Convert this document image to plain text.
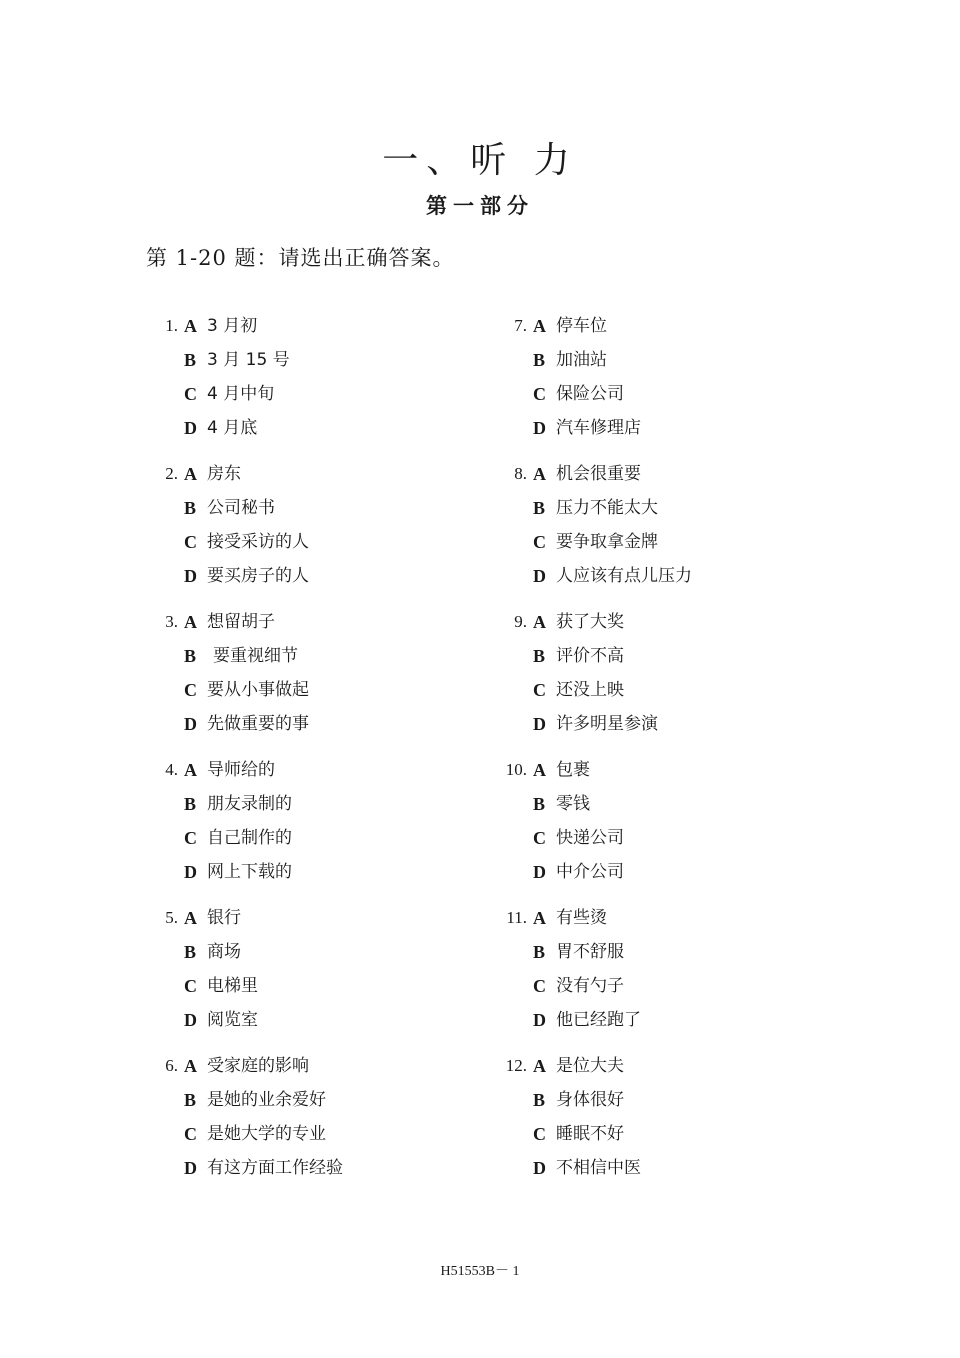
一、听 力
第一部分
第 1-20 题：请选出正确答案。
1. A 3 月初
B 3 月 15 号
C 4 月中旬
D 4 月底
2. A 房东
B 公司秘书
C 接受采访的人
D 要买房子的人
3. A 想留胡子
B 要重视细节
C 要从小事做起
D 先做重要的事
4. A 导师给的
B 朋友录制的
C 自己制作的
D 网上下载的
5. A 银行
B 商场
C 电梯里
D 阅览室
6. A 受家庭的影响
B 是她的业余爱好
C 是她大学的专业
D 有这方面工作经验
7. A 停车位
B 加油站
C 保险公司
D 汽车修理店
8. A 机会很重要
B 压力不能太大
C 要争取拿金牌
D 人应该有点儿压力
9. A 获了大奖
B 评价不高
C 还没上映
D 许多明星参演
10. A 包裹
B 零钱
C 快递公司
D 中介公司
11. A 有些烫
B 胃不舒服
C 没有勺子
D 他已经跑了
12. A 是位大夫
B 身体很好
C 睡眠不好
D 不相信中医
H51553B－ 1
